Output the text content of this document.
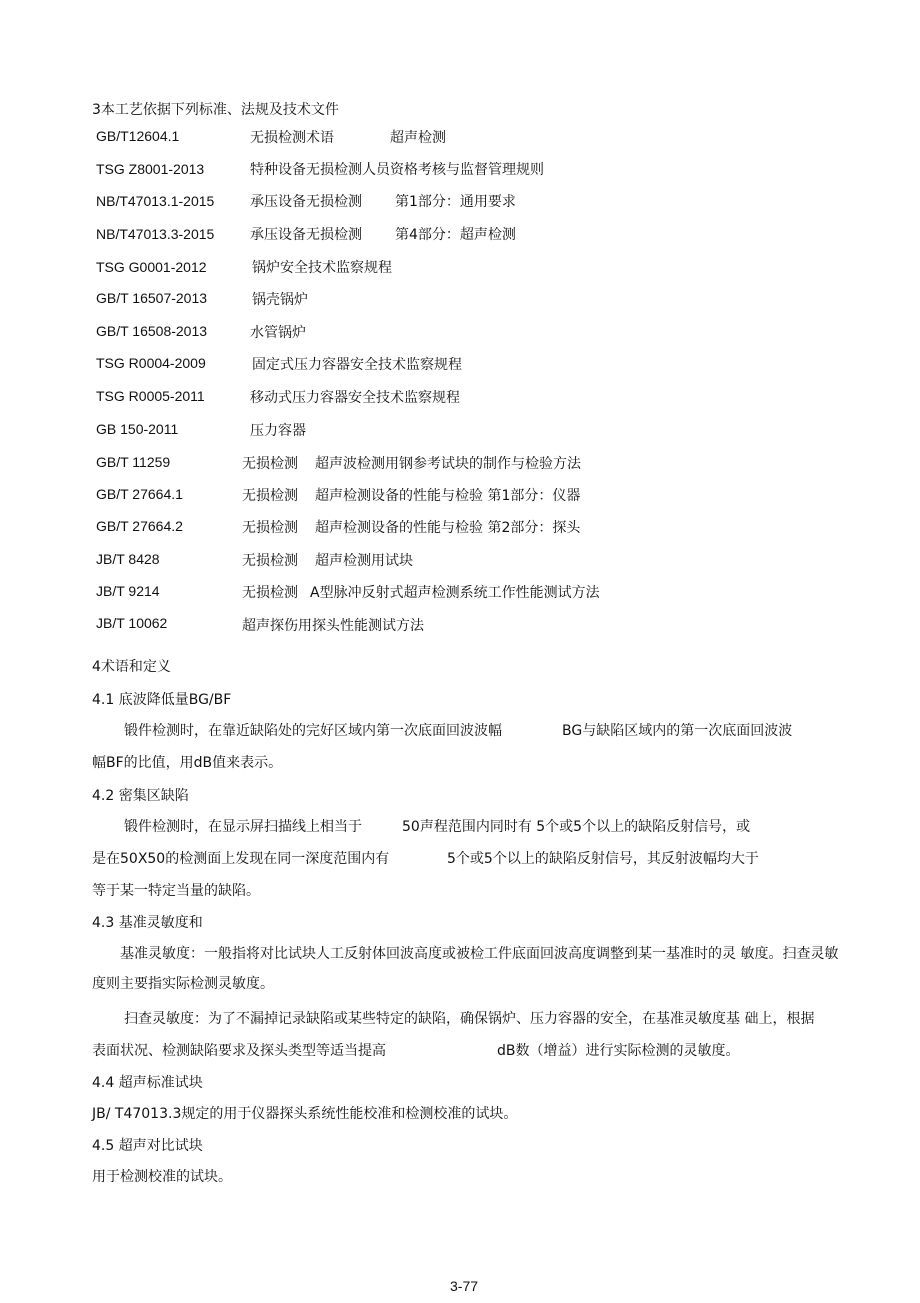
3本工艺依据下列标准、法规及技术文件
GB/T12604.1	无损检测术语	超声检测
TSG Z8001-2013	特种设备无损检测人员资格考核与监督管理规则
NB/T47013.1-2015	承压设备无损检测 第1部分：通用要求
NB/T47013.3-2015	承压设备无损检测 第4部分：超声检测
TSG G0001-2012	锅炉安全技术监察规程
GB/T 16507-2013	锅壳锅炉
GB/T 16508-2013	水管锅炉
TSG R0004-2009	固定式压力容器安全技术监察规程
TSG R0005-2011	移动式压力容器安全技术监察规程
GB 150-2011	压力容器
GB/T 11259	无损检测 超声波检测用钢参考试块的制作与检验方法
GB/T 27664.1	无损检测 超声检测设备的性能与检验 第1部分：仪器
GB/T 27664.2	无损检测 超声检测设备的性能与检验 第2部分：探头
JB/T 8428	无损检测 超声检测用试块
JB/T 9214	无损检测 A型脉冲反射式超声检测系统工作性能测试方法
JB/T 10062	超声探伤用探头性能测试方法
4术语和定义
4.1 底波降低量BG/BF
锻件检测时，在靠近缺陷处的完好区域内第一次底面回波波幅	BG与缺陷区域内的第一次底面回波波
幅BF的比值，用dB值来表示。
4.2 密集区缺陷
锻件检测时，在显示屏扫描线上相当于	50声程范围内同时有 5个或5个以上的缺陷反射信号，或
是在50X50的检测面上发现在同一深度范围内有	5个或5个以上的缺陷反射信号，其反射波幅均大于
等于某一特定当量的缺陷。
4.3 基准灵敏度和
基准灵敏度：一般指将对比试块人工反射体回波高度或被检工件底面回波高度调整到某一基准时的灵 敏度。扫查灵敏度则主要指实际检测灵敏度。
扫查灵敏度：为了不漏掉记录缺陷或某些特定的缺陷，确保锅炉、压力容器的安全，在基准灵敏度基 础上，根据
表面状况、检测缺陷要求及探头类型等适当提高	dB数（增益）进行实际检测的灵敏度。
4.4 超声标准试块
JB/ T47013.3规定的用于仪器探头系统性能校准和检测校准的试块。
4.5 超声对比试块
用于检测校准的试块。
3-77
